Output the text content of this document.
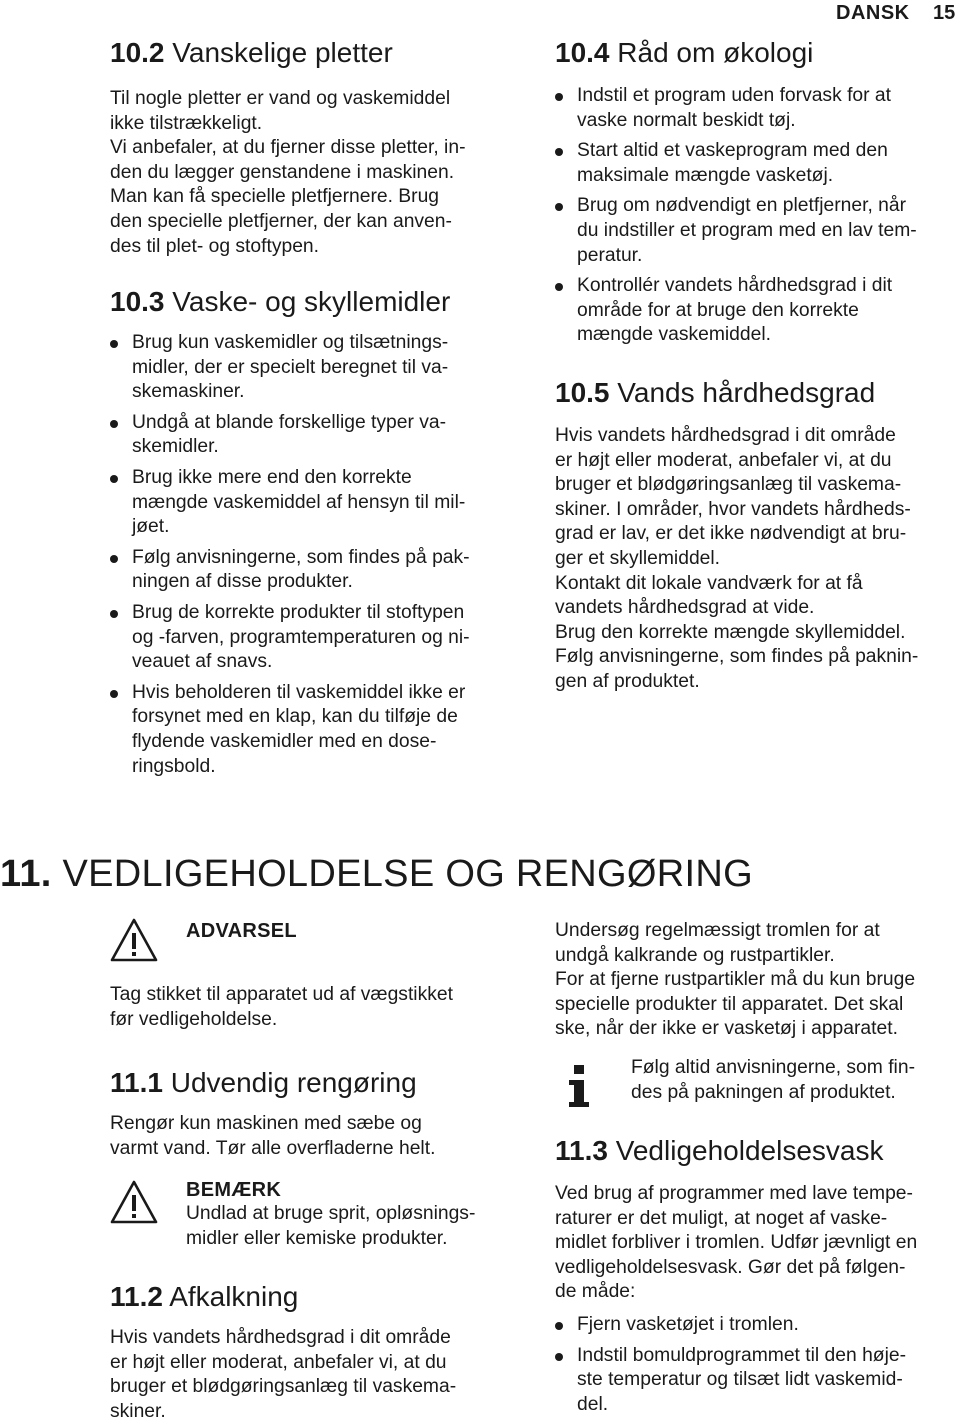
DANSK 15
10.2 Vanskelige pletter

Til nogle pletter er vand og vaskemiddel
ikke tilstrækkeligt.
Vi anbefaler, at du fjerner disse pletter, in-
den du lægger genstandene i maskinen.
Man kan få specielle pletfjernere. Brug
den specielle pletfjerner, der kan anven-
des til plet- og stoftypen.

10.3 Vaske- og skyllemidler
Brug kun vaskemidler og tilsætnings-
midler, der er specielt beregnet til va-
skemaskiner.
Undgå at blande forskellige typer va-
skemidler.
Brug ikke mere end den korrekte
mængde vaskemiddel af hensyn til mil-
jøet.
Følg anvisningerne, som findes på pak-
ningen af disse produkter.
Brug de korrekte produkter til stoftypen
og -farven, programtemperaturen og ni-
veauet af snavs.
Hvis beholderen til vaskemiddel ikke er
forsynet med en klap, kan du tilføje de
flydende vaskemidler med en dose-
ringsbold.
10.4 Råd om økologi
Indstil et program uden forvask for at
vaske normalt beskidt tøj.
Start altid et vaskeprogram med den
maksimale mængde vasketøj.
Brug om nødvendigt en pletfjerner, når
du indstiller et program med en lav tem-
peratur.
Kontrollér vandets hårdhedsgrad i dit
område for at bruge den korrekte
mængde vaskemiddel.
10.5 Vands hårdhedsgrad

Hvis vandets hårdhedsgrad i dit område
er højt eller moderat, anbefaler vi, at du
bruger et blødgøringsanlæg til vaskema-
skiner. I områder, hvor vandets hårdheds-
grad er lav, er det ikke nødvendigt at bru-
ger et skyllemiddel.
Kontakt dit lokale vandværk for at få
vandets hårdhedsgrad at vide.
Brug den korrekte mængde skyllemiddel.
Følg anvisningerne, som findes på paknin-
gen af produktet.

11. VEDLIGEHOLDELSE OG RENGØRING
ADVARSEL

Tag stikket til apparatet ud af vægstikket
før vedligeholdelse.

11.1 Udvendig rengøring

Rengør kun maskinen med sæbe og
varmt vand. Tør alle overfladerne helt.

BEMÆRK
Undlad at bruge sprit, opløsnings-
midler eller kemiske produkter.
11.2 Afkalkning

Hvis vandets hårdhedsgrad i dit område
er højt eller moderat, anbefaler vi, at du
bruger et blødgøringsanlæg til vaskema-
skiner.

Undersøg regelmæssigt tromlen for at
undgå kalkrande og rustpartikler.
For at fjerne rustpartikler må du kun bruge
specielle produkter til apparatet. Det skal
ske, når der ikke er vasketøj i apparatet.

Følg altid anvisningerne, som fin-
des på pakningen af produktet.
11.3 Vedligeholdelsesvask

Ved brug af programmer med lave tempe-
raturer er det muligt, at noget af vaske-
midlet forbliver i tromlen. Udfør jævnligt en
vedligeholdelsesvask. Gør det på følgen-
de måde:

Fjern vasketøjet i tromlen.
Indstil bomuldprogrammet til den høje-
ste temperatur og tilsæt lidt vaskemid-
del.
